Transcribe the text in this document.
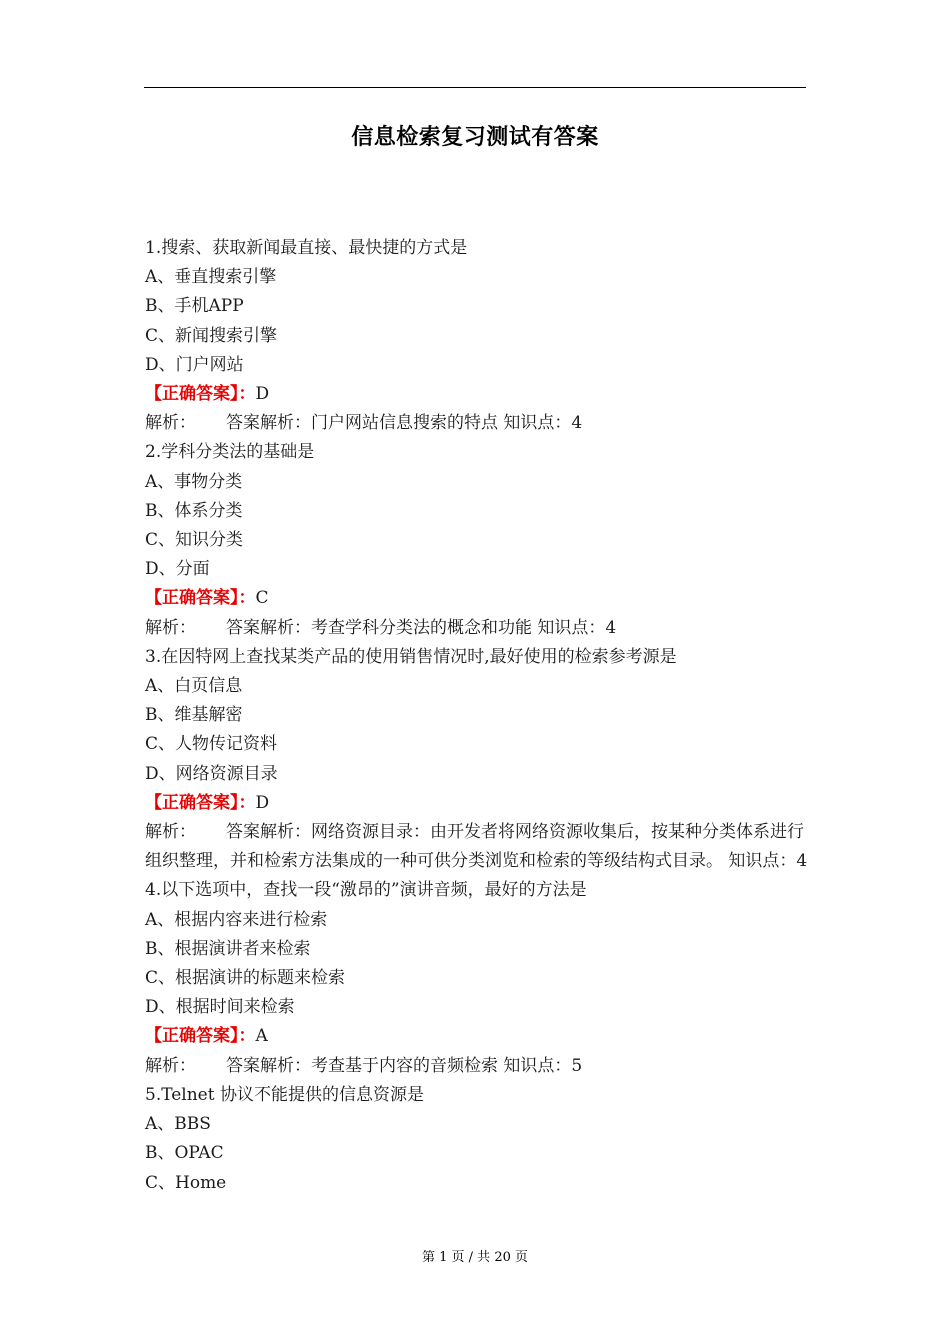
信息检索复习测试有答案
1.搜索、获取新闻最直接、最快捷的方式是
A、垂直搜索引擎
B、手机APP
C、新闻搜索引擎
D、门户网站
【正确答案】：D
解析： 答案解析：门户网站信息搜索的特点 知识点：4
2.学科分类法的基础是
A、事物分类
B、体系分类
C、知识分类
D、分面
【正确答案】：C
解析： 答案解析：考查学科分类法的概念和功能 知识点：4
3.在因特网上查找某类产品的使用销售情况时,最好使用的检索参考源是
A、白页信息
B、维基解密
C、人物传记资料
D、网络资源目录
【正确答案】：D
解析： 答案解析：网络资源目录：由开发者将网络资源收集后，按某种分类体系进行组织整理，并和检索方法集成的一种可供分类浏览和检索的等级结构式目录。 知识点：4
4.以下选项中，查找一段“激昂的”演讲音频，最好的方法是
A、根据内容来进行检索
B、根据演讲者来检索
C、根据演讲的标题来检索
D、根据时间来检索
【正确答案】：A
解析： 答案解析：考查基于内容的音频检索 知识点：5
5.Telnet 协议不能提供的信息资源是
A、BBS
B、OPAC
C、Home
第 1 页 / 共 20 页
